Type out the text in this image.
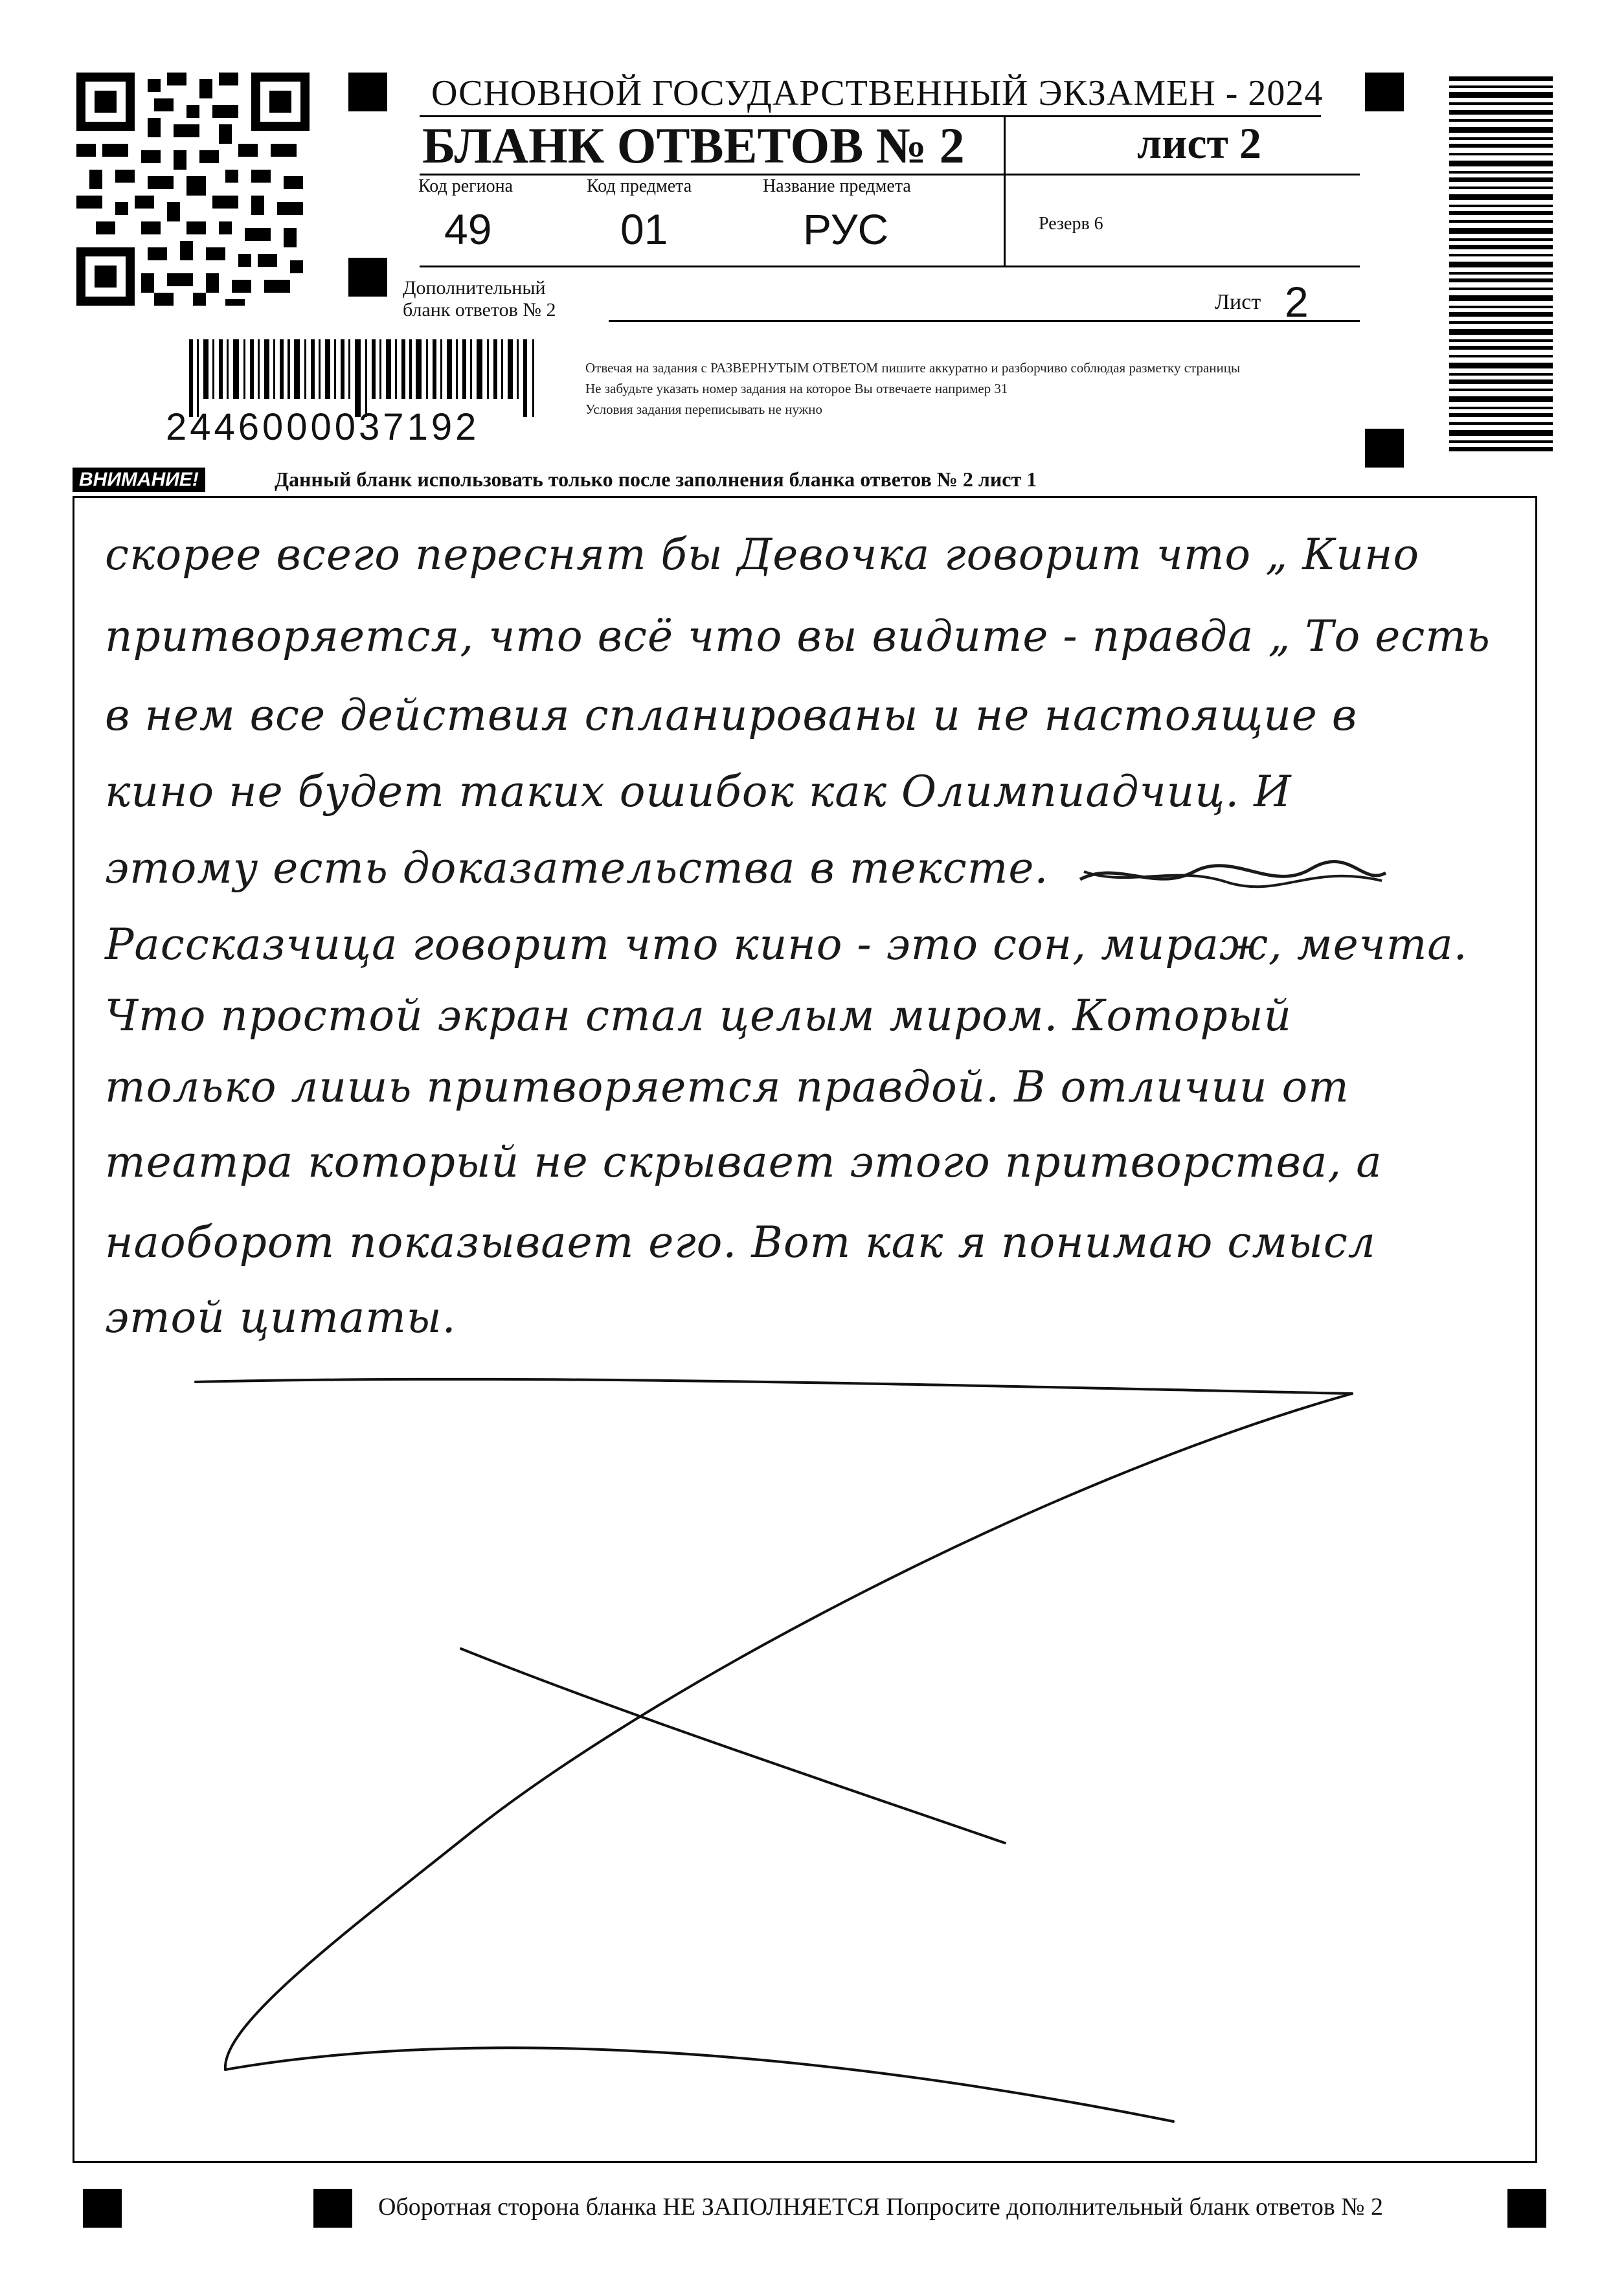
ОСНОВНОЙ ГОСУДАРСТВЕННЫЙ ЭКЗАМЕН - 2024
БЛАНК ОТВЕТОВ № 2	лист 2
Код региона
49
Код предмета
01
Название предмета
РУС	Резерв 6
Дополнительный
бланк ответов № 2	Лист 2
2446000037192
Отвечая на задания с РАЗВЕРНУТЫМ ОТВЕТОМ пишите аккуратно и разборчиво соблюдая разметку страницы
Не забудьте указать номер задания на которое Вы отвечаете например 31
Условия задания переписывать не нужно
ВНИМАНИЕ!	Данный бланк использовать только после заполнения бланка ответов № 2 лист 1
скорее всего переснят бы Девочка говорит что „ Кино
притворяется, что всё что вы видите - правда „ То есть
в нем все действия спланированы и не настоящие в
кино не будет таких ошибок как Олимпиадчиц. И
этому есть доказательства в тексте.
Рассказчица говорит что кино - это сон, мираж, мечта.
Что простой экран стал целым миром. Который
только лишь притворяется правдой. В отличии от
театра который не скрывает этого притворства, а
наоборот показывает его. Вот как я понимаю смысл
этой цитаты.
Оборотная сторона бланка НЕ ЗАПОЛНЯЕТСЯ Попросите дополнительный бланк ответов № 2
